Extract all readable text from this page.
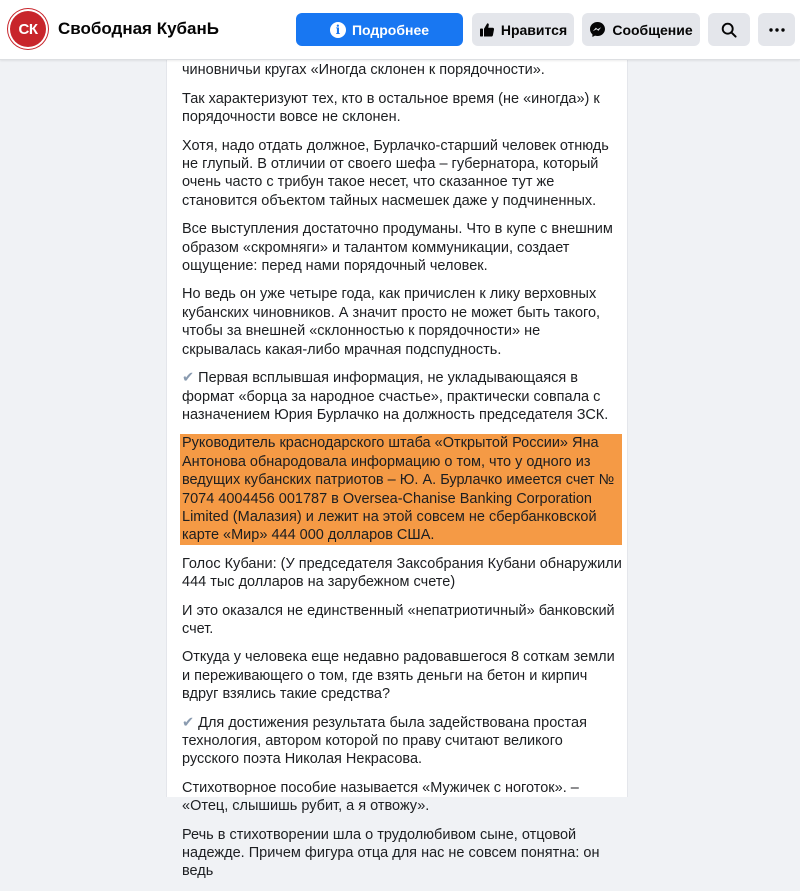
СК	Свободная КубанЬ	i Подробнее	Нравится	Сообщение

чиновничьи кругах «Иногда склонен к порядочности».

Так характеризуют тех, кто в остальное время (не «иногда») к порядочности вовсе не склонен.

Хотя, надо отдать должное, Бурлачко-старший человек отнюдь не глупый. В отличии от своего шефа – губернатора, который очень часто с трибун такое несет, что сказанное тут же становится объектом тайных насмешек даже у подчиненных.

Все выступления достаточно продуманы. Что в купе с внешним образом «скромняги» и талантом коммуникации, создает ощущение: перед нами порядочный человек.

Но ведь он уже четыре года, как причислен к лику верховных кубанских чиновников. А значит просто не может быть такого, чтобы за внешней «склонностью к порядочности» не скрывалась какая-либо мрачная подспудность.

✔︎ Первая всплывшая информация, не укладывающаяся в формат «борца за народное счастье», практически совпала с назначением Юрия Бурлачко на должность председателя ЗСК.

Руководитель краснодарского штаба «Открытой России» Яна Антонова обнародовала информацию о том, что у одного из ведущих кубанских патриотов – Ю. А. Бурлачко имеется счет № 7074 4004456 001787 в Oversea-Chanise Banking Corporation Limited (Малазия) и лежит на этой совсем не сбербанковской карте «Мир» 444 000 долларов США.

Голос Кубани: (У председателя Заксобрания Кубани обнаружили 444 тыс долларов на зарубежном счете)

И это оказался не единственный «непатриотичный» банковский счет.

Откуда у человека еще недавно радовавшегося 8 соткам земли и переживающего о том, где взять деньги на бетон и кирпич вдруг взялись такие средства?

✔︎ Для достижения результата была задействована простая технология, автором которой по праву считают великого русского поэта Николая Некрасова.

Стихотворное пособие называется «Мужичек с ноготок». – «Отец, слышишь рубит, а я отвожу».

Речь в стихотворении шла о трудолюбивом сыне, отцовой надежде. Причем фигура отца для нас не совсем понятна: он ведь
